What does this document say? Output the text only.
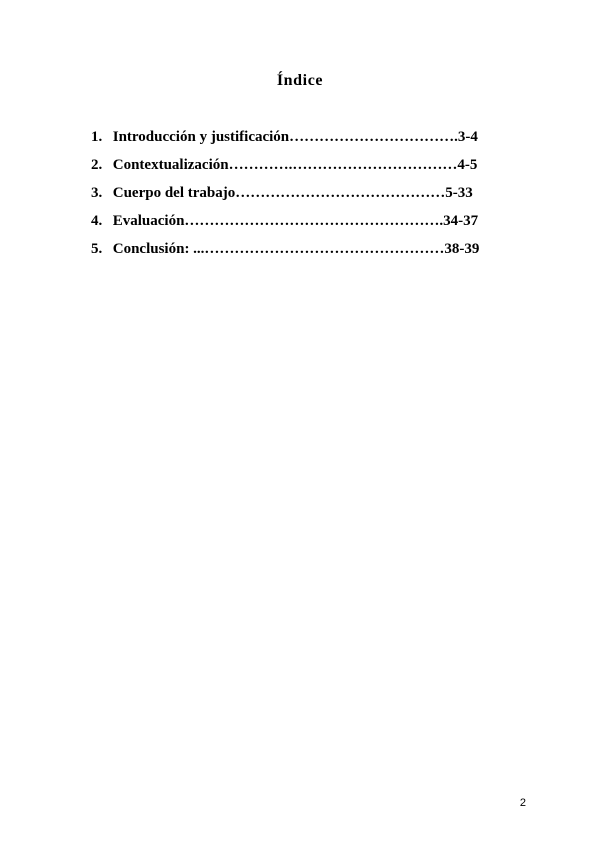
Índice
1. Introducción y justificación…………………………….3-4
2. Contextualización………….……………………………4-5
3. Cuerpo del trabajo……………………………………5-33
4. Evaluación…………………………………………….34-37
5. Conclusión: ...…………………………………………38-39
2
